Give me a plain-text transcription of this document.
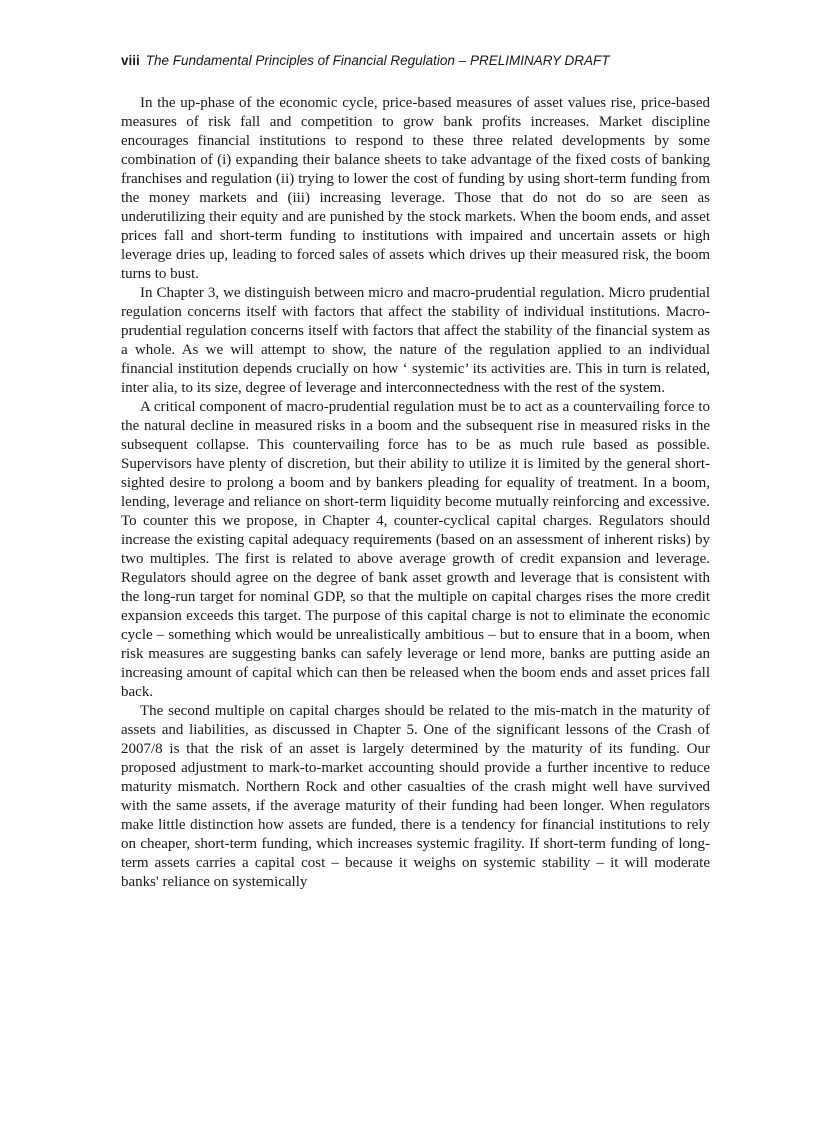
viii The Fundamental Principles of Financial Regulation – PRELIMINARY DRAFT

In the up-phase of the economic cycle, price-based measures of asset values rise, price-based measures of risk fall and competition to grow bank profits increases. Market discipline encourages financial institutions to respond to these three related developments by some combination of (i) expanding their balance sheets to take advantage of the fixed costs of banking franchises and regulation (ii) trying to lower the cost of funding by using short-term funding from the money markets and (iii) increasing leverage. Those that do not do so are seen as underutilizing their equity and are punished by the stock markets. When the boom ends, and asset prices fall and short-term funding to institutions with impaired and uncertain assets or high leverage dries up, leading to forced sales of assets which drives up their measured risk, the boom turns to bust.

In Chapter 3, we distinguish between micro and macro-prudential regulation. Micro prudential regulation concerns itself with factors that affect the stability of individual institutions. Macro-prudential regulation concerns itself with factors that affect the stability of the financial system as a whole. As we will attempt to show, the nature of the regulation applied to an individual financial institution depends crucially on how ‘ systemic’ its activities are. This in turn is related, inter alia, to its size, degree of leverage and interconnectedness with the rest of the system.

A critical component of macro-prudential regulation must be to act as a countervailing force to the natural decline in measured risks in a boom and the subsequent rise in measured risks in the subsequent collapse. This countervailing force has to be as much rule based as possible. Supervisors have plenty of discretion, but their ability to utilize it is limited by the general short-sighted desire to prolong a boom and by bankers pleading for equality of treatment. In a boom, lending, leverage and reliance on short-term liquidity become mutually reinforcing and excessive. To counter this we propose, in Chapter 4, counter-cyclical capital charges. Regulators should increase the existing capital adequacy requirements (based on an assessment of inherent risks) by two multiples. The first is related to above average growth of credit expansion and leverage. Regulators should agree on the degree of bank asset growth and leverage that is consistent with the long-run target for nominal GDP, so that the multiple on capital charges rises the more credit expansion exceeds this target. The purpose of this capital charge is not to eliminate the economic cycle – something which would be unrealistically ambitious – but to ensure that in a boom, when risk measures are suggesting banks can safely leverage or lend more, banks are putting aside an increasing amount of capital which can then be released when the boom ends and asset prices fall back.

The second multiple on capital charges should be related to the mis-match in the maturity of assets and liabilities, as discussed in Chapter 5. One of the significant lessons of the Crash of 2007/8 is that the risk of an asset is largely determined by the maturity of its funding. Our proposed adjustment to mark-to-market accounting should provide a further incentive to reduce maturity mismatch. Northern Rock and other casualties of the crash might well have survived with the same assets, if the average maturity of their funding had been longer. When regulators make little distinction how assets are funded, there is a tendency for financial institutions to rely on cheaper, short-term funding, which increases systemic fragility. If short-term funding of long-term assets carries a capital cost – because it weighs on systemic stability – it will moderate banks' reliance on systemically
